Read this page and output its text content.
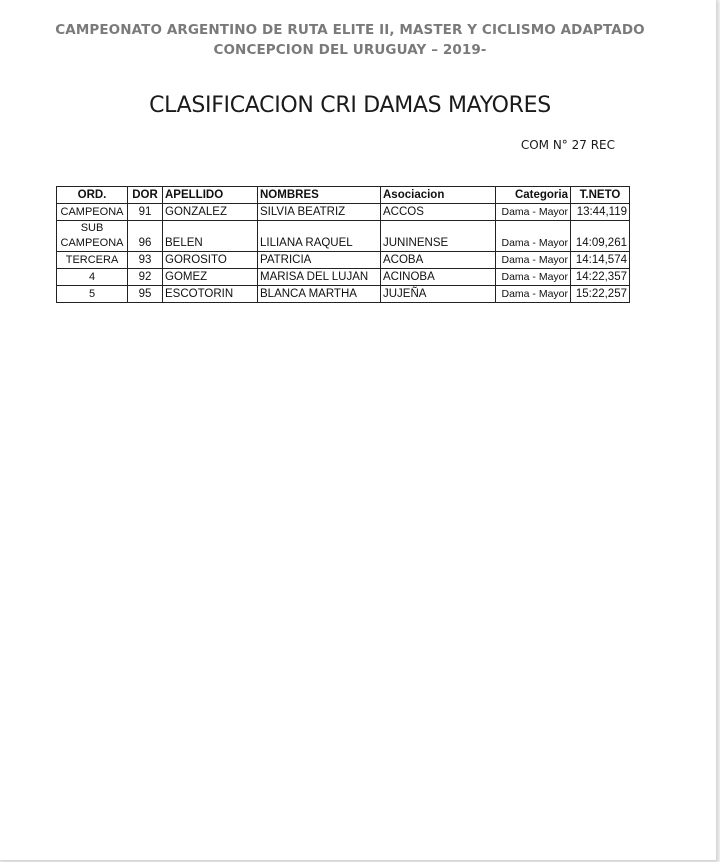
CAMPEONATO ARGENTINO DE RUTA ELITE II, MASTER Y CICLISMO ADAPTADO
CONCEPCION DEL URUGUAY – 2019-
CLASIFICACION CRI DAMAS MAYORES
COM N° 27 REC
ORD.	DOR	APELLIDO	NOMBRES	Asociacion	Categoria	T.NETO
CAMPEONA	91	GONZALEZ	SILVIA BEATRIZ	ACCOS	Dama - Mayor	13:44,119

SUB
CAMPEONA	96	BELEN	LILIANA RAQUEL	JUNINENSE	Dama - Mayor	14:09,261
TERCERA	93	GOROSITO	PATRICIA	ACOBA	Dama - Mayor	14:14,574
4	92	GOMEZ	MARISA DEL LUJAN	ACINOBA	Dama - Mayor	14:22,357
5	95	ESCOTORIN	BLANCA MARTHA	JUJEÑA	Dama - Mayor	15:22,257
